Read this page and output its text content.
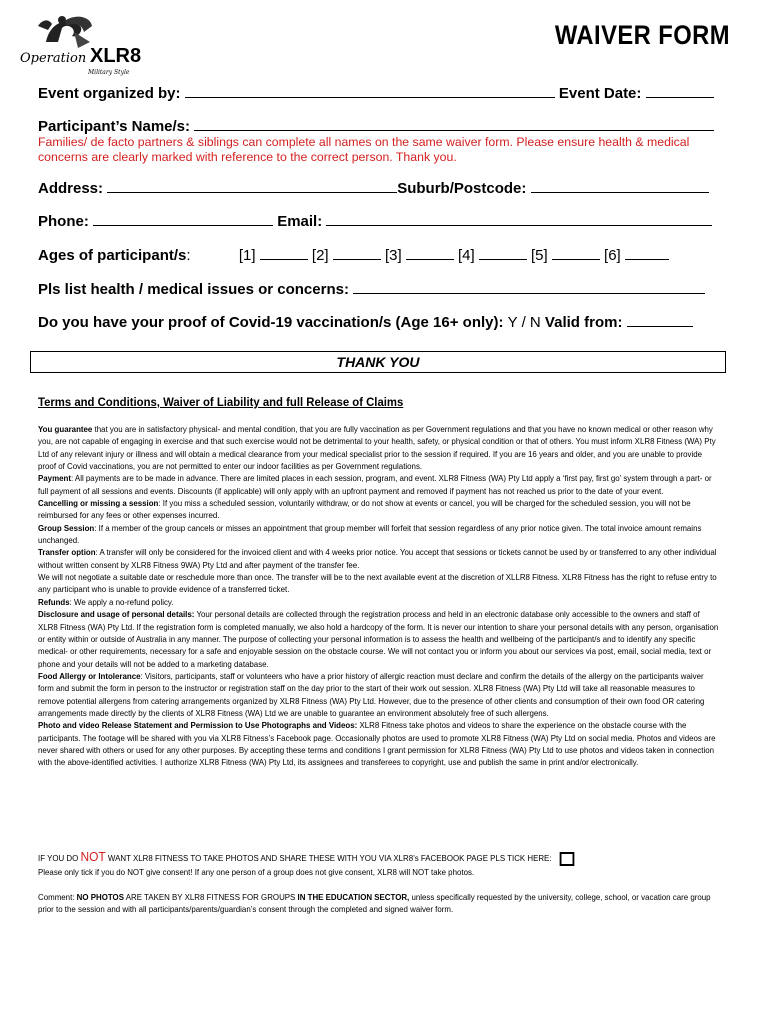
Operation XLR8
Military Style
WAIVER FORM
Event organized by:	Event Date:
Participant’s Name/s:
Families/ de facto partners & siblings can complete all names on the same waiver form. Please ensure health & medical concerns are clearly marked with reference to the correct person. Thank you.
Address:	Suburb/Postcode:
Phone:	Email:
Ages of participant/s:	[1]	[2]	[3]	[4]	[5]	[6]
Pls list health / medical issues or concerns:
Do you have your proof of Covid-19 vaccination/s (Age 16+ only): Y / N Valid from:
THANK YOU
Terms and Conditions, Waiver of Liability and full Release of Claims

You guarantee that you are in satisfactory physical- and mental condition, that you are fully vaccination as per Government regulations and that you have no known medical or other reason why you, are not capable of engaging in exercise and that such exercise would not be detrimental to your health, safety, or physical condition or that of others. You must inform XLR8 Fitness (WA) Pty Ltd of any relevant injury or illness and will obtain a medical clearance from your medical specialist prior to the session if required. If you are 16 years and older, and you are unable to provide proof of Covid vaccinations, you are not permitted to enter our indoor facilities as per Government regulations.

Payment: All payments are to be made in advance. There are limited places in each session, program, and event. XLR8 Fitness (WA) Pty Ltd apply a ‘first pay, first go’ system through a part- or full payment of all sessions and events. Discounts (if applicable) will only apply with an upfront payment and removed if payment has not reached us prior to the date of your event.

Cancelling or missing a session: If you miss a scheduled session, voluntarily withdraw, or do not show at events or cancel, you will be charged for the scheduled session, you will not be reimbursed for any fees or other expenses incurred.

Group Session: If a member of the group cancels or misses an appointment that group member will forfeit that session regardless of any prior notice given. The total invoice amount remains unchanged.

Transfer option: A transfer will only be considered for the invoiced client and with 4 weeks prior notice. You accept that sessions or tickets cannot be used by or transferred to any other individual without written consent by XLR8 Fitness 9WA) Pty Ltd and after payment of the transfer fee.

We will not negotiate a suitable date or reschedule more than once. The transfer will be to the next available event at the discretion of XLLR8 Fitness. XLR8 Fitness has the right to refuse entry to any participant who is unable to provide evidence of a transferred ticket.

Refunds: We apply a no-refund policy.

Disclosure and usage of personal details: Your personal details are collected through the registration process and held in an electronic database only accessible to the owners and staff of XLR8 Fitness (WA) Pty Ltd. If the registration form is completed manually, we also hold a hardcopy of the form. It is never our intention to share your personal details with any person, organisation or entity within or outside of Australia in any manner. The purpose of collecting your personal information is to assess the health and wellbeing of the participant/s and to identify any specific medical- or other requirements, necessary for a safe and enjoyable session on the obstacle course. We will not contact you or inform you about our services via post, email, social media, text or phone and your details will not be added to a marketing database.

Food Allergy or Intolerance: Visitors, participants, staff or volunteers who have a prior history of allergic reaction must declare and confirm the details of the allergy on the participants waiver form and submit the form in person to the instructor or registration staff on the day prior to the start of their work out session. XLR8 Fitness (WA) Pty Ltd will take all reasonable measures to remove potential allergens from catering arrangements organized by XLR8 Fitness (WA) Pty Ltd. However, due to the presence of other clients and consumption of their own food OR catering arrangements made directly by the clients of XLR8 Fitness (WA) Ltd we are unable to guarantee an environment absolutely free of such allergens.

Photo and video Release Statement and Permission to Use Photographs and Videos: XLR8 Fitness take photos and videos to share the experience on the obstacle course with the participants. The footage will be shared with you via XLR8 Fitness’s Facebook page. Occasionally photos are used to promote XLR8 Fitness (WA) Pty Ltd on social media. Photos and videos are never shared with others or used for any other purposes. By accepting these terms and conditions I grant permission for XLR8 Fitness (WA) Pty Ltd to use photos and videos taken in connection with the above-identified activities. I authorize XLR8 Fitness (WA) Pty Ltd, its assignees and transferees to copyright, use and publish the same in print and/or electronically.

IF YOU DO NOT WANT XLR8 FITNESS TO TAKE PHOTOS AND SHARE THESE WITH YOU VIA XLR8’s FACEBOOK PAGE PLS TICK HERE:
Please only tick if you do NOT give consent! If any one person of a group does not give consent, XLR8 will NOT take photos.
Comment: NO PHOTOS ARE TAKEN BY XLR8 FITNESS FOR GROUPS IN THE EDUCATION SECTOR, unless specifically requested by the university, college, school, or vacation care group prior to the session and with all participants/parents/guardian’s consent through the completed and signed waiver form.
